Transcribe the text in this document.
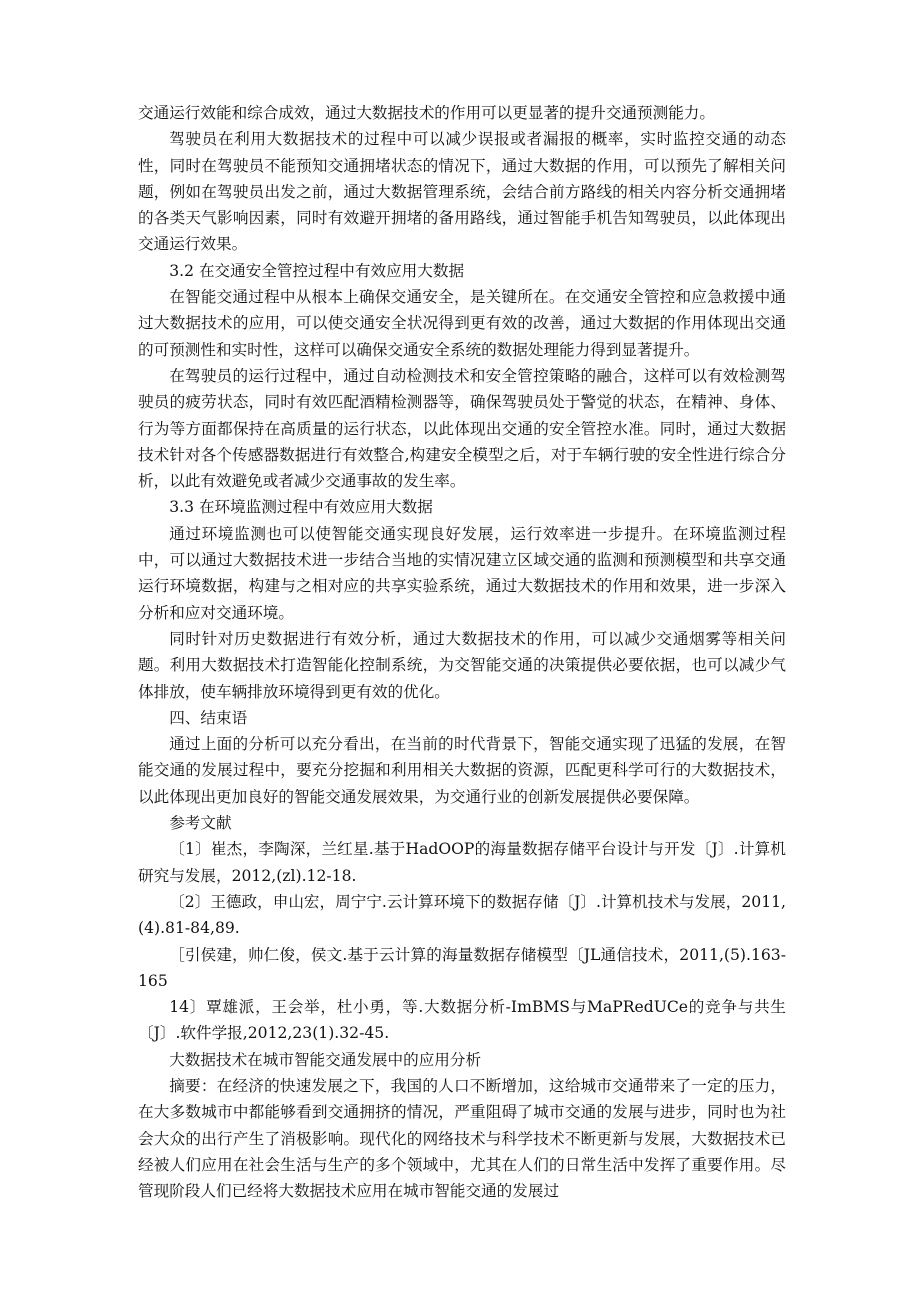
交通运行效能和综合成效，通过大数据技术的作用可以更显著的提升交通预测能力。

驾驶员在利用大数据技术的过程中可以减少误报或者漏报的概率，实时监控交通的动态性，同时在驾驶员不能预知交通拥堵状态的情况下，通过大数据的作用，可以预先了解相关问题，例如在驾驶员出发之前，通过大数据管理系统，会结合前方路线的相关内容分析交通拥堵的各类天气影响因素，同时有效避开拥堵的备用路线，通过智能手机告知驾驶员，以此体现出交通运行效果。

3.2 在交通安全管控过程中有效应用大数据

在智能交通过程中从根本上确保交通安全，是关键所在。在交通安全管控和应急救援中通过大数据技术的应用，可以使交通安全状况得到更有效的改善，通过大数据的作用体现出交通的可预测性和实时性，这样可以确保交通安全系统的数据处理能力得到显著提升。

在驾驶员的运行过程中，通过自动检测技术和安全管控策略的融合，这样可以有效检测驾驶员的疲劳状态，同时有效匹配酒精检测器等，确保驾驶员处于警觉的状态，在精神、身体、行为等方面都保持在高质量的运行状态，以此体现出交通的安全管控水准。同时，通过大数据技术针对各个传感器数据进行有效整合,构建安全模型之后，对于车辆行驶的安全性进行综合分析，以此有效避免或者减少交通事故的发生率。

3.3 在环境监测过程中有效应用大数据

通过环境监测也可以使智能交通实现良好发展，运行效率进一步提升。在环境监测过程中，可以通过大数据技术进一步结合当地的实情况建立区域交通的监测和预测模型和共享交通运行环境数据，构建与之相对应的共享实验系统，通过大数据技术的作用和效果，进一步深入分析和应对交通环境。

同时针对历史数据进行有效分析，通过大数据技术的作用，可以减少交通烟雾等相关问题。利用大数据技术打造智能化控制系统，为交智能交通的决策提供必要依据，也可以减少气体排放，使车辆排放环境得到更有效的优化。

四、结束语

通过上面的分析可以充分看出，在当前的时代背景下，智能交通实现了迅猛的发展，在智能交通的发展过程中，要充分挖掘和利用相关大数据的资源，匹配更科学可行的大数据技术，以此体现出更加良好的智能交通发展效果，为交通行业的创新发展提供必要保障。

参考文献

〔1〕崔杰，李陶深，兰红星.基于HadOOP的海量数据存储平台设计与开发〔J〕.计算机研究与发展，2012,(zl).12-18.

〔2〕王德政，申山宏，周宁宁.云计算环境下的数据存储〔J〕.计算机技术与发展，2011,(4).81-84,89.

［引侯建，帅仁俊，侯文.基于云计算的海量数据存储模型〔JL通信技术，2011,(5).163-165

14〕覃雄派，王会举，杜小勇，等.大数据分析-ImBMS与MaPRedUCe的竞争与共生〔J〕.软件学报,2012,23(1).32-45.

大数据技术在城市智能交通发展中的应用分析

摘要：在经济的快速发展之下，我国的人口不断增加，这给城市交通带来了一定的压力，在大多数城市中都能够看到交通拥挤的情况，严重阻碍了城市交通的发展与进步，同时也为社会大众的出行产生了消极影响。现代化的网络技术与科学技术不断更新与发展，大数据技术已经被人们应用在社会生活与生产的多个领域中，尤其在人们的日常生活中发挥了重要作用。尽管现阶段人们已经将大数据技术应用在城市智能交通的发展过
